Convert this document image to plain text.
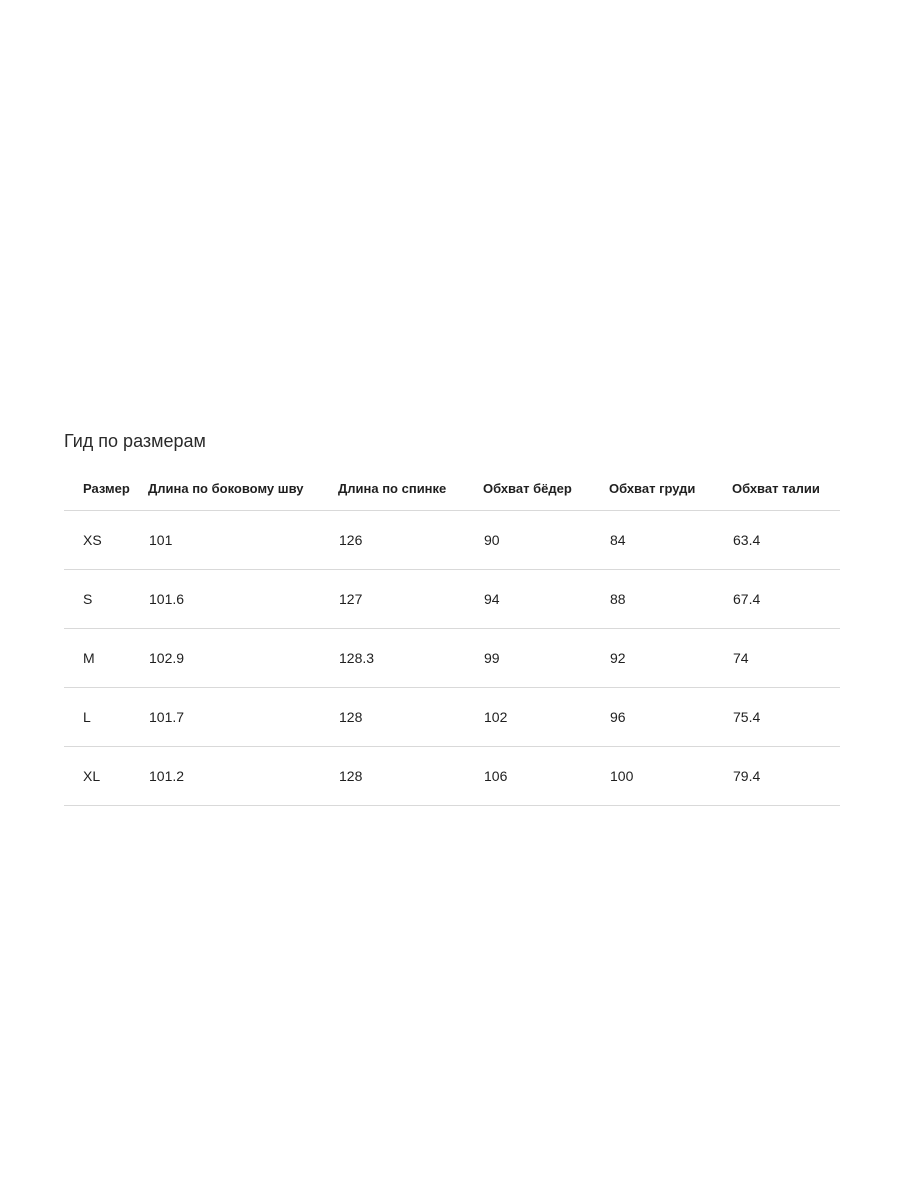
Гид по размерам
Размер	Длина по боковому шву	Длина по спинке	Обхват бёдер	Обхват груди	Обхват талии
XS	101	126	90	84	63.4
S	101.6	127	94	88	67.4
M	102.9	128.3	99	92	74
L	101.7	128	102	96	75.4
XL	101.2	128	106	100	79.4
